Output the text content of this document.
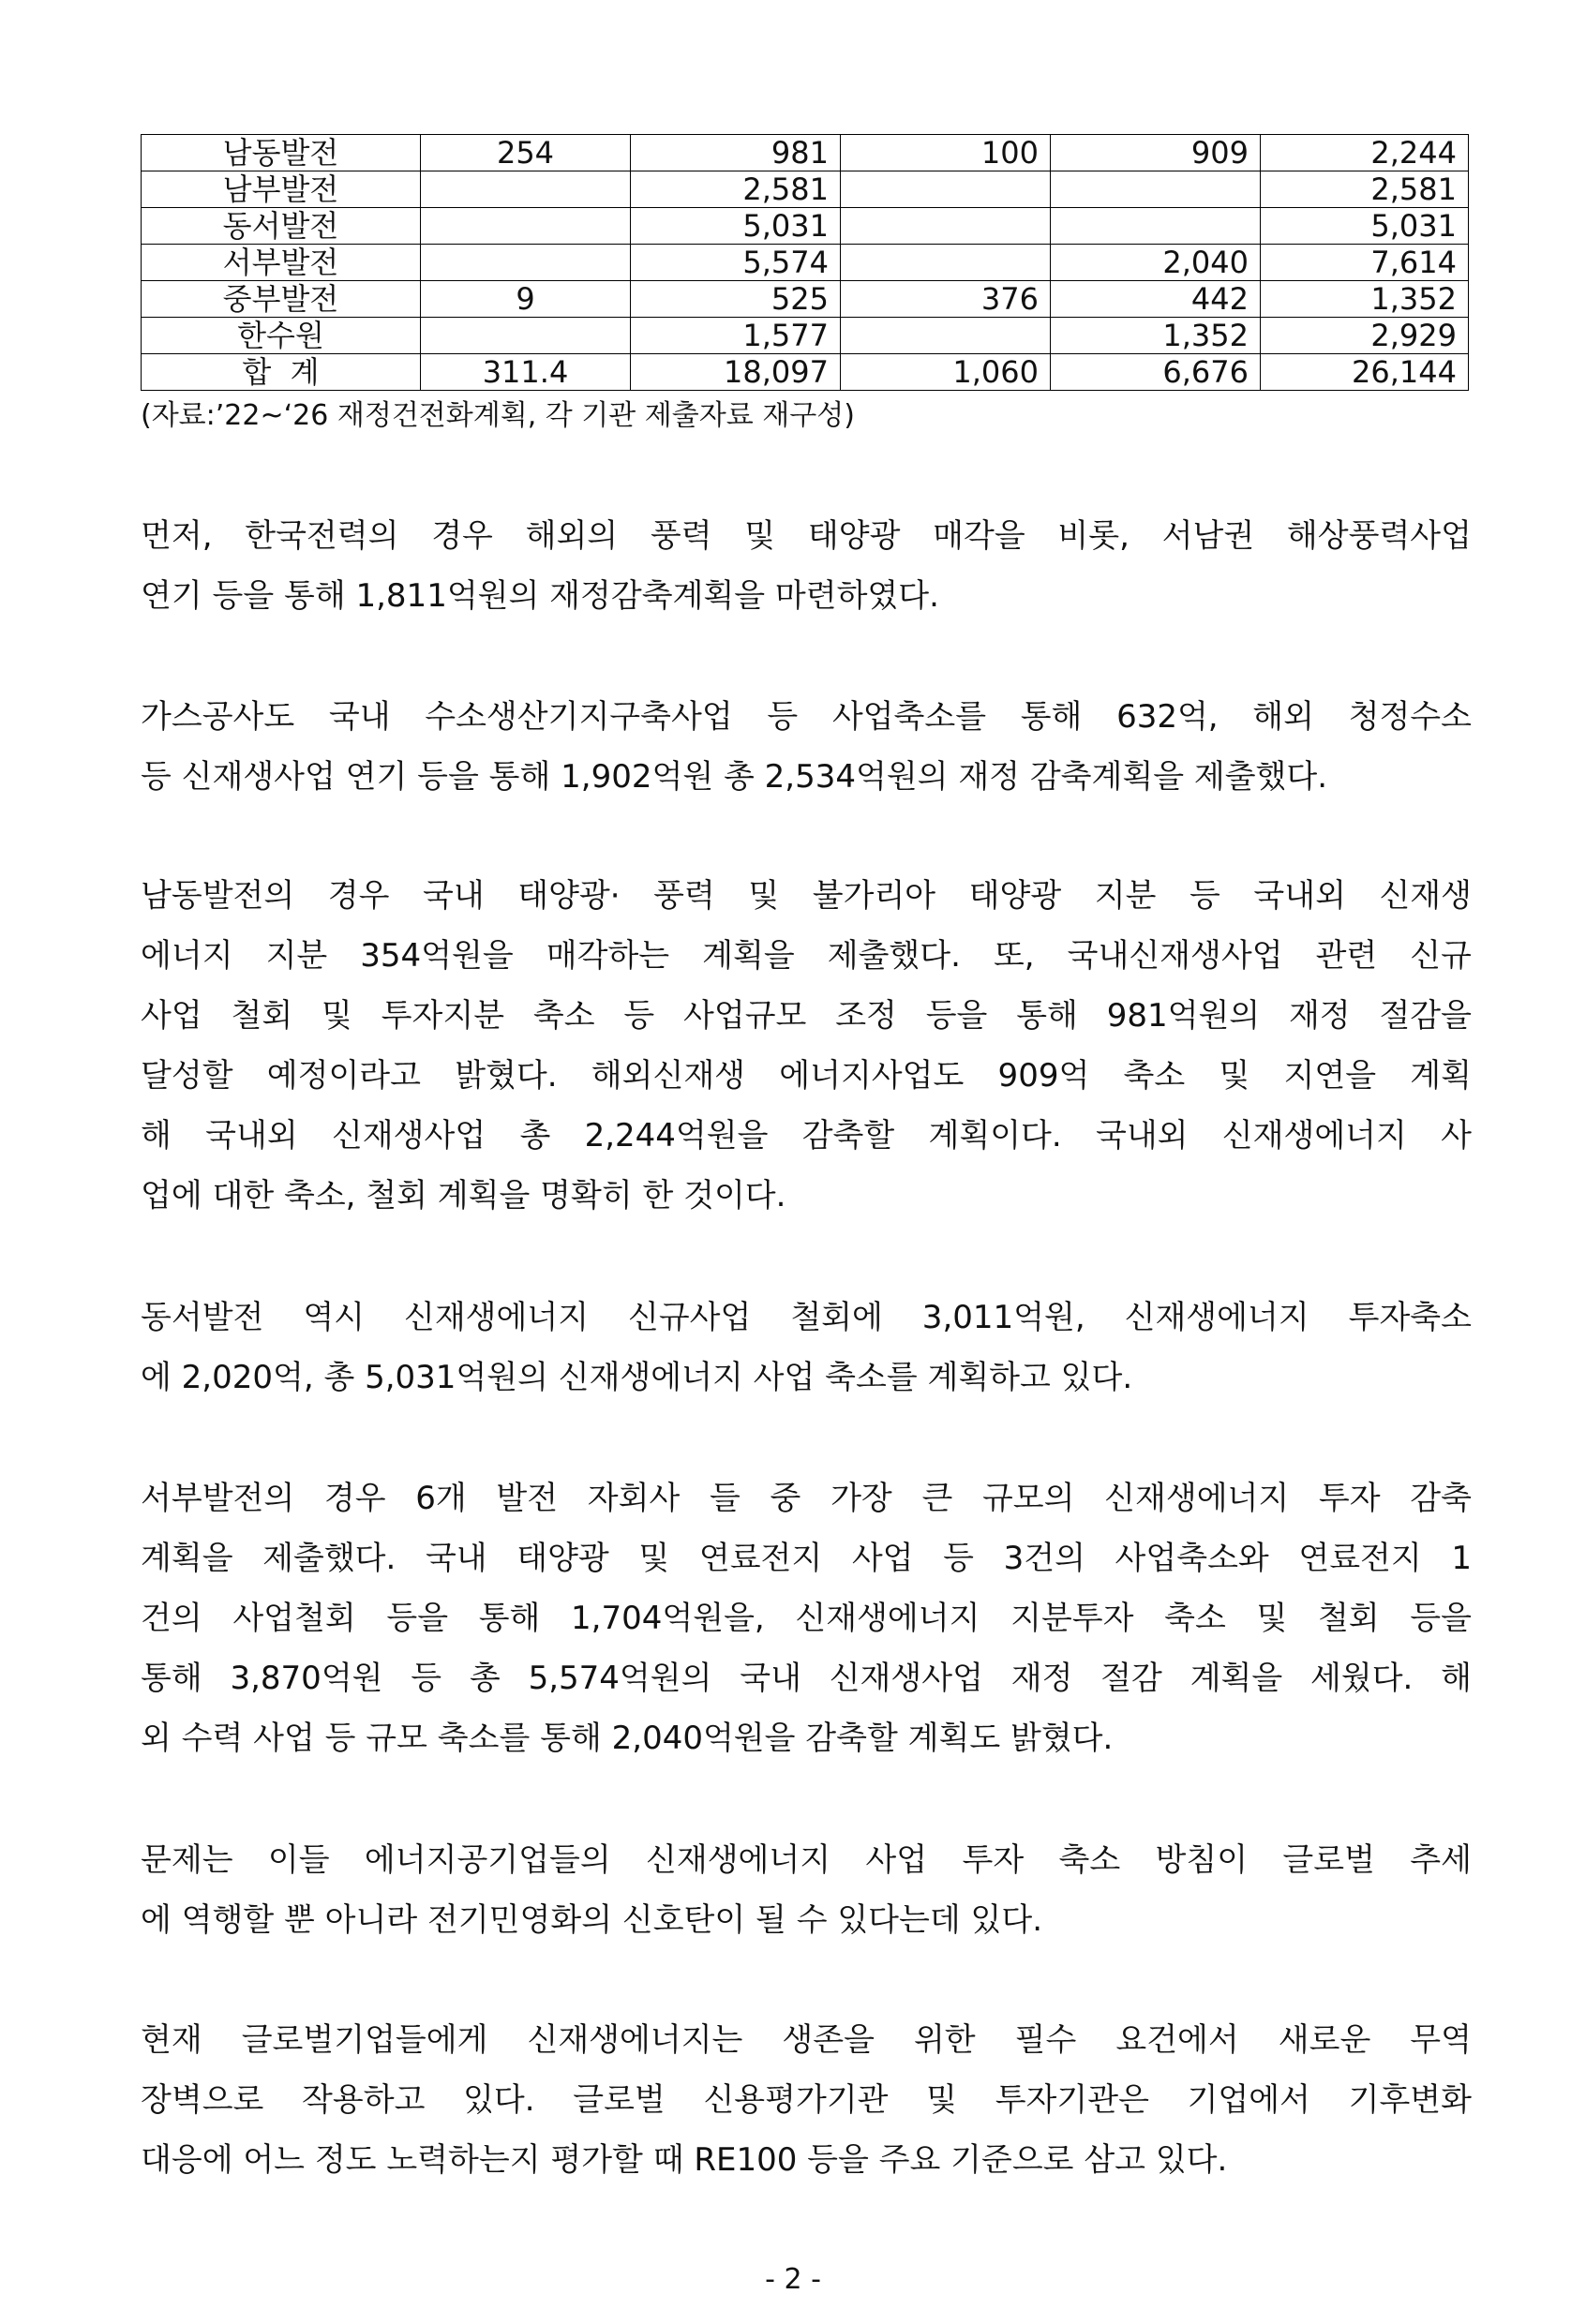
남동발전	254	981	100	909	2,244
남부발전		2,581			2,581
동서발전		5,031			5,031
서부발전		5,574		2,040	7,614
중부발전	9	525	376	442	1,352
한수원		1,577		1,352	2,929
합  계	311.4	18,097	1,060	6,676	26,144
(자료:’22~‘26 재정건전화계획, 각 기관 제출자료 재구성)

먼저, 한국전력의 경우 해외의 풍력 및 태양광 매각을 비롯, 서남권 해상풍력사업
연기 등을 통해 1,811억원의 재정감축계획을 마련하였다.

가스공사도 국내 수소생산기지구축사업 등 사업축소를 통해 632억, 해외 청정수소
등 신재생사업 연기 등을 통해 1,902억원 총 2,534억원의 재정 감축계획을 제출했다.

남동발전의 경우 국내 태양광· 풍력 및 불가리아 태양광 지분 등 국내외 신재생
에너지 지분 354억원을 매각하는 계획을 제출했다. 또, 국내신재생사업 관련 신규
사업 철회 및 투자지분 축소 등 사업규모 조정 등을 통해 981억원의 재정 절감을
달성할 예정이라고 밝혔다. 해외신재생 에너지사업도 909억 축소 및 지연을 계획
해 국내외 신재생사업 총 2,244억원을 감축할 계획이다. 국내외 신재생에너지 사
업에 대한 축소, 철회 계획을 명확히 한 것이다.

동서발전 역시 신재생에너지 신규사업 철회에 3,011억원, 신재생에너지 투자축소
에 2,020억, 총 5,031억원의 신재생에너지 사업 축소를 계획하고 있다.

서부발전의 경우 6개 발전 자회사 들 중 가장 큰 규모의 신재생에너지 투자 감축
계획을 제출했다. 국내 태양광 및 연료전지 사업 등 3건의 사업축소와 연료전지 1
건의 사업철회 등을 통해 1,704억원을, 신재생에너지 지분투자 축소 및 철회 등을
통해 3,870억원 등 총 5,574억원의 국내 신재생사업 재정 절감 계획을 세웠다. 해
외 수력 사업 등 규모 축소를 통해 2,040억원을 감축할 계획도 밝혔다.

문제는 이들 에너지공기업들의 신재생에너지 사업 투자 축소 방침이 글로벌 추세
에 역행할 뿐 아니라 전기민영화의 신호탄이 될 수 있다는데 있다.

현재 글로벌기업들에게 신재생에너지는 생존을 위한 필수 요건에서 새로운 무역
장벽으로 작용하고 있다. 글로벌 신용평가기관 및 투자기관은 기업에서 기후변화
대응에 어느 정도 노력하는지 평가할 때 RE100 등을 주요 기준으로 삼고 있다.

- 2 -
